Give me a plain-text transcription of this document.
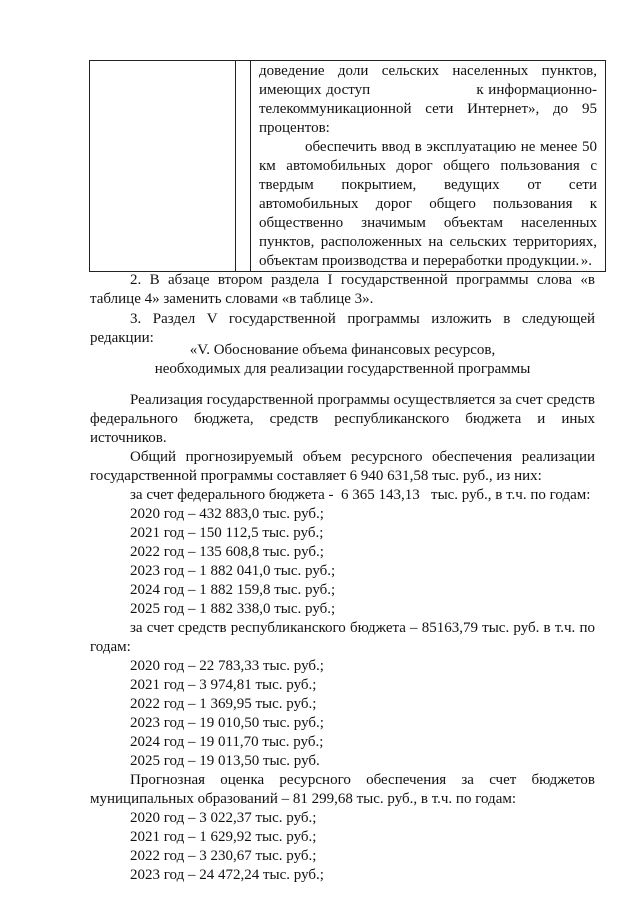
доведение доли сельских населенных пунктов,

имеющих доступ                       к информационно-

телекоммуникационной сети Интернет», до 95

процентов:

обеспечить ввод в эксплуатацию не менее 50 км автомобильных дорог общего пользования с твердым покрытием, ведущих от сети автомобильных дорог общего пользования к общественно значимым объектам населенных пунктов, расположенных на сельских территориях, объектам производства и переработки продукции. ».

2. В абзаце втором раздела I государственной программы слова «в таблице 4» заменить словами «в таблице 3».

3. Раздел V государственной программы изложить в следующей редакции:

«V. Обоснование объема финансовых ресурсов,

необходимых для реализации государственной программы

Реализация государственной программы осуществляется за счет средств федерального бюджета, средств республиканского бюджета и иных источников.

Общий прогнозируемый объем ресурсного обеспечения реализации государственной программы составляет 6 940 631,58 тыс. руб., из них:

за счет федерального бюджета -  6 365 143,13   тыс. руб., в т.ч. по годам:

2020 год – 432 883,0 тыс. руб.;

2021 год – 150 112,5 тыс. руб.;

2022 год – 135 608,8 тыс. руб.;

2023 год – 1 882 041,0 тыс. руб.;

2024 год – 1 882 159,8 тыс. руб.;

2025 год – 1 882 338,0 тыс. руб.;

за счет средств республиканского бюджета – 85163,79 тыс. руб. в т.ч. по годам:

2020 год – 22 783,33 тыс. руб.;

2021 год – 3 974,81 тыс. руб.;

2022 год – 1 369,95 тыс. руб.;

2023 год – 19 010,50 тыс. руб.;

2024 год – 19 011,70 тыс. руб.;

2025 год – 19 013,50 тыс. руб.

Прогнозная оценка ресурсного обеспечения за счет бюджетов муниципальных образований – 81 299,68 тыс. руб., в т.ч. по годам:

2020 год – 3 022,37 тыс. руб.;

2021 год – 1 629,92 тыс. руб.;

2022 год – 3 230,67 тыс. руб.;

2023 год – 24 472,24 тыс. руб.;
